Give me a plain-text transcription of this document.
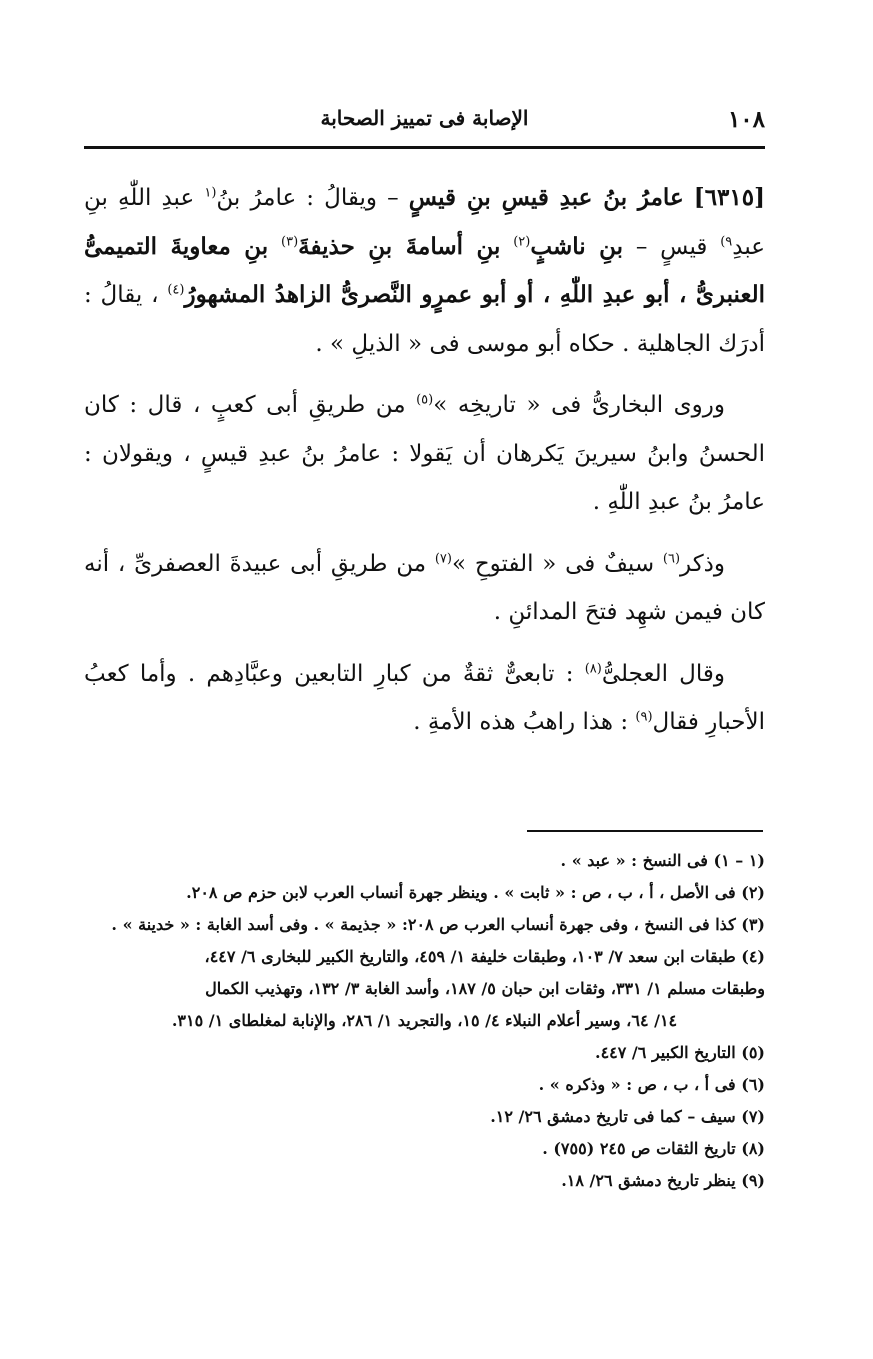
١٠٨
الإصابة فى تمييز الصحابة

[٦٣١٥] عامرُ بنُ عبدِ قيسِ بنِ قيسٍ – ويقالُ : عامرُ بنُ$^{(١}$ عبدِ اللّٰهِ بنِ عبدِ$^{٩)}$ قيسٍ – بنِ ناشبٍ$^{(٢)}$ بنِ أسامةَ بنِ حذيفةَ$^{(٣)}$ بنِ معاويةَ التميمىُّ العنبرىُّ ، أبو عبدِ اللّٰهِ ، أو أبو عمرٍو النَّصرىُّ الزاهدُ المشهورُ$^{(٤)}$ ، يقالُ : أدرَك الجاهلية . حكاه أبو موسى فى « الذيلِ » .

وروى البخارىُّ فى « تاريخِه »$^{(٥)}$ من طريقِ أبى كعبٍ ، قال : كان الحسنُ وابنُ سيرينَ يَكرهان أن يَقولا : عامرُ بنُ عبدِ قيسٍ ، ويقولان : عامرُ بنُ عبدِ اللّٰهِ .

وذكر$^{(٦)}$ سيفٌ فى « الفتوحِ »$^{(٧)}$ من طريقِ أبى عبيدةَ العصفرىِّ ، أنه كان فيمن شهِد فتحَ المدائنِ .

وقال العجلىُّ$^{(٨)}$ : تابعىٌّ ثقةٌ من كبارِ التابعين وعبَّادِهم . وأما كعبُ الأحبارِ فقال$^{(٩)}$ : هذا راهبُ هذه الأمةِ .

(١ – ١) فى النسخ : « عبد » .

(٢) فى الأصل ، أ ، ب ، ص : « ثابت » . وينظر جهرة أنساب العرب لابن حزم ص ٢٠٨.

(٣) كذا فى النسخ ، وفى جهرة أنساب العرب ص ٢٠٨: « جذيمة » . وفى أسد الغابة : « خدينة » .

(٤) طبقات ابن سعد ٧/ ١٠٣، وطبقات خليفة ١/ ٤٥٩، والتاريخ الكبير للبخارى ٦/ ٤٤٧،

وطبقات مسلم ١/ ٣٣١، وثقات ابن حبان ٥/ ١٨٧، وأسد الغابة ٣/ ١٣٢، وتهذيب الكمال

١٤/ ٦٤، وسير أعلام النبلاء ٤/ ١٥، والتجريد ١/ ٢٨٦، والإنابة لمغلطاى ١/ ٣١٥.

(٥) التاريخ الكبير ٦/ ٤٤٧.

(٦) فى أ ، ب ، ص : « وذكره » .

(٧) سيف – كما فى تاريخ دمشق ٢٦/ ١٢.

(٨) تاريخ الثقات ص ٢٤٥ (٧٥٥) .

(٩) ينظر تاريخ دمشق ٢٦/ ١٨.
